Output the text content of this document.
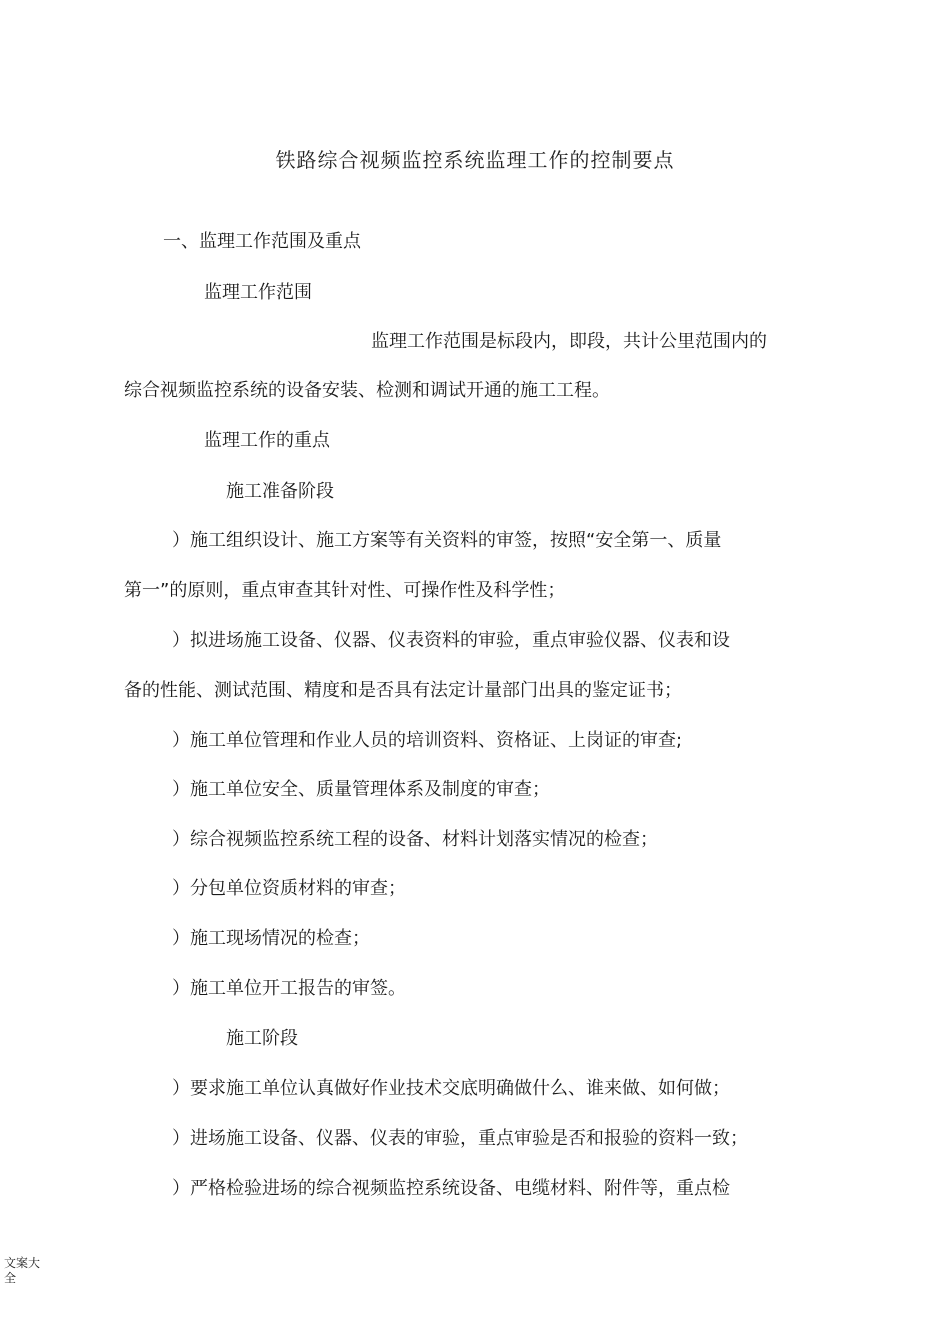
铁路综合视频监控系统监理工作的控制要点
一、监理工作范围及重点
监理工作范围
监理工作范围是标段内，即段，共计公里范围内的
综合视频监控系统的设备安装、检测和调试开通的施工工程。
监理工作的重点
施工准备阶段
）施工组织设计、施工方案等有关资料的审签，按照“安全第一、质量
第一”的原则，重点审查其针对性、可操作性及科学性；
）拟进场施工设备、仪器、仪表资料的审验，重点审验仪器、仪表和设
备的性能、测试范围、精度和是否具有法定计量部门出具的鉴定证书；
）施工单位管理和作业人员的培训资料、资格证、上岗证的审查;
）施工单位安全、质量管理体系及制度的审查；
）综合视频监控系统工程的设备、材料计划落实情况的检查；
）分包单位资质材料的审查；
）施工现场情况的检查；
）施工单位开工报告的审签。
施工阶段
）要求施工单位认真做好作业技术交底明确做什么、谁来做、如何做；
）进场施工设备、仪器、仪表的审验，重点审验是否和报验的资料一致；
）严格检验进场的综合视频监控系统设备、电缆材料、附件等，重点检
文案大全
